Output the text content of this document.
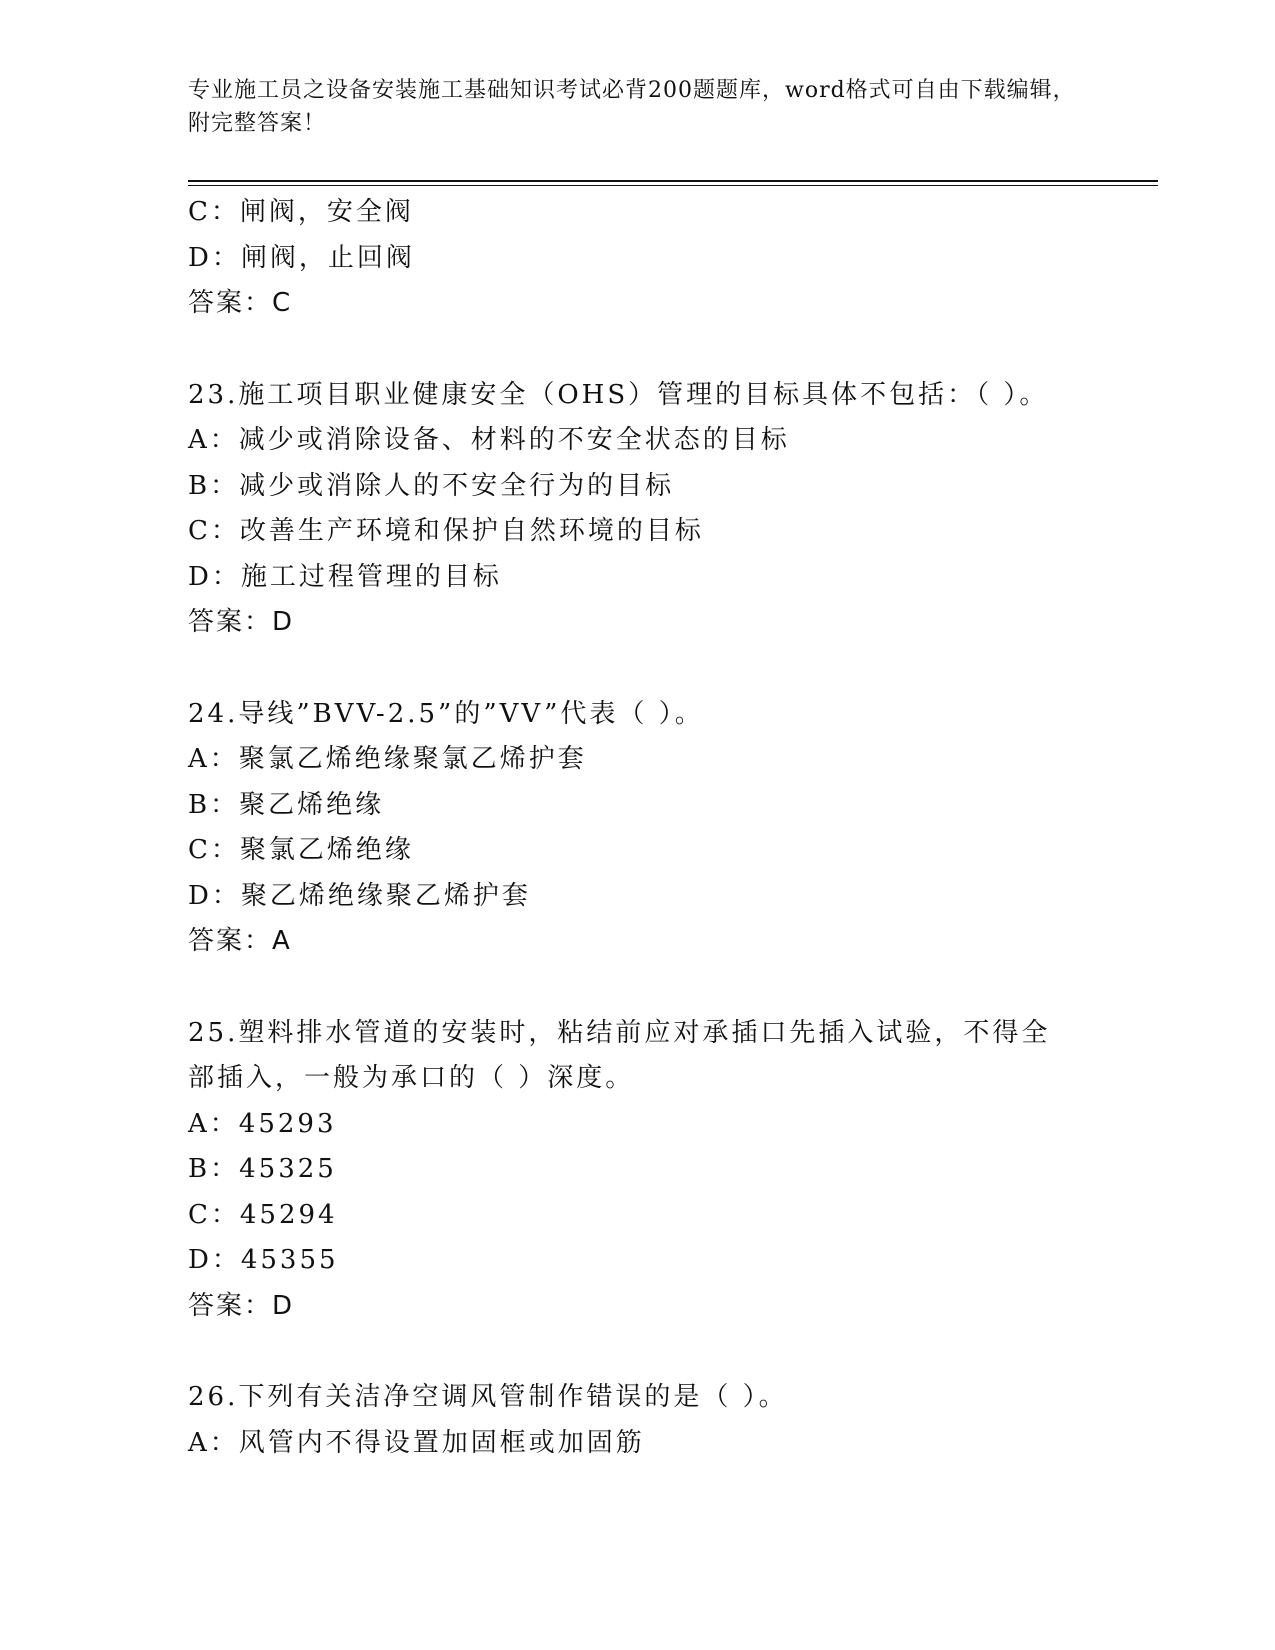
专业施工员之设备安装施工基础知识考试必背200题题库，word格式可自由下载编辑，附完整答案！
C：闸阀，安全阀
D：闸阀，止回阀
答案：C
23.施工项目职业健康安全（OHS）管理的目标具体不包括：（ ）。
A：减少或消除设备、材料的不安全状态的目标
B：减少或消除人的不安全行为的目标
C：改善生产环境和保护自然环境的目标
D：施工过程管理的目标
答案：D
24.导线”BVV-2.5”的”VV”代表（ ）。
A：聚氯乙烯绝缘聚氯乙烯护套
B：聚乙烯绝缘
C：聚氯乙烯绝缘
D：聚乙烯绝缘聚乙烯护套
答案：A
25.塑料排水管道的安装时，粘结前应对承插口先插入试验，不得全部插入，一般为承口的（ ）深度。
A：45293
B：45325
C：45294
D：45355
答案：D
26.下列有关洁净空调风管制作错误的是（ ）。
A：风管内不得设置加固框或加固筋
